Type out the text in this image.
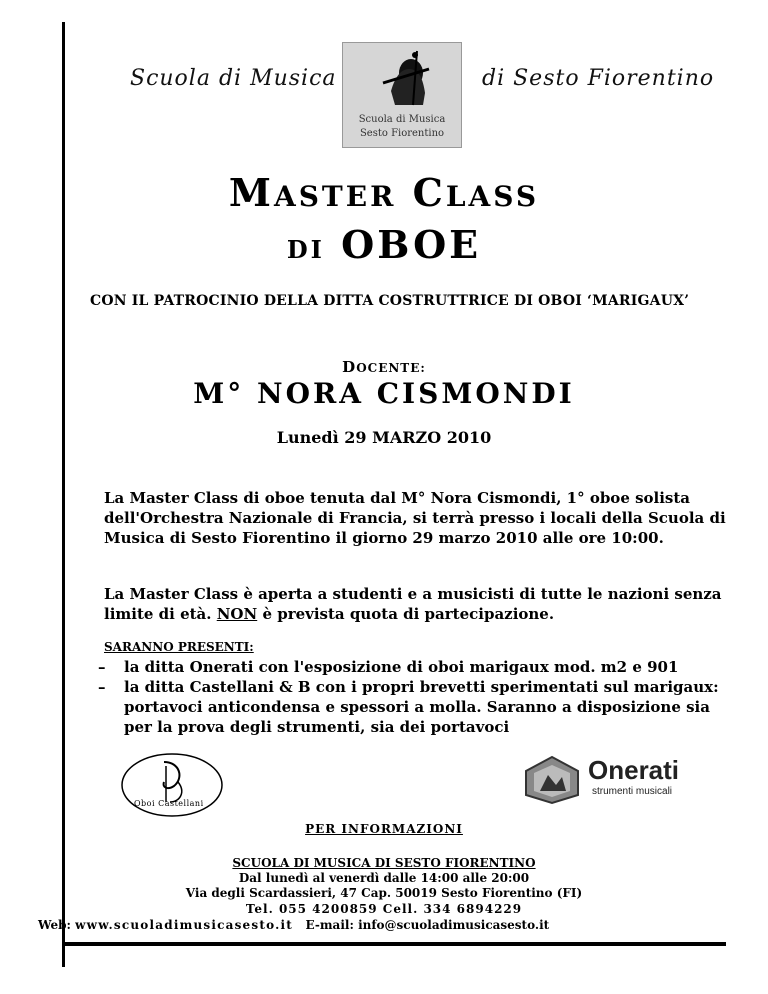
Scuola di Musica	di Sesto Fiorentino
Scuola di Musica
Sesto Fiorentino
MASTER CLASS
DI OBOE
CON IL PATROCINIO DELLA DITTA COSTRUTTRICE DI OBOI ‘MARIGAUX’
DOCENTE:
M° NORA CISMONDI
Lunedì 29 MARZO 2010
La Master Class di oboe tenuta dal M° Nora Cismondi, 1° oboe solista dell'Orchestra Nazionale di Francia, si terrà presso i locali della Scuola di Musica di Sesto Fiorentino il giorno 29 marzo 2010 alle ore 10:00.
La Master Class è aperta a studenti e a musicisti di tutte le nazioni senza limite di età. NON è prevista quota di partecipazione.
SARANNO PRESENTI:
– la ditta Onerati con l'esposizione di oboi marigaux mod. m2 e 901
– la ditta Castellani & B con i propri brevetti sperimentati sul marigaux: portavoci anticondensa e spessori a molla. Saranno a disposizione sia per la prova degli strumenti, sia dei portavoci
Oboi Castellani
Onerati
strumenti musicali
PER INFORMAZIONI
SCUOLA DI MUSICA DI SESTO FIORENTINO
Dal lunedì al venerdì dalle 14:00 alle 20:00
Via degli Scardassieri, 47 Cap. 50019 Sesto Fiorentino (FI)
Tel. 055 4200859 Cell. 334 6894229
Web: www.scuoladimusicasesto.it   E-mail: info@scuoladimusicasesto.it
